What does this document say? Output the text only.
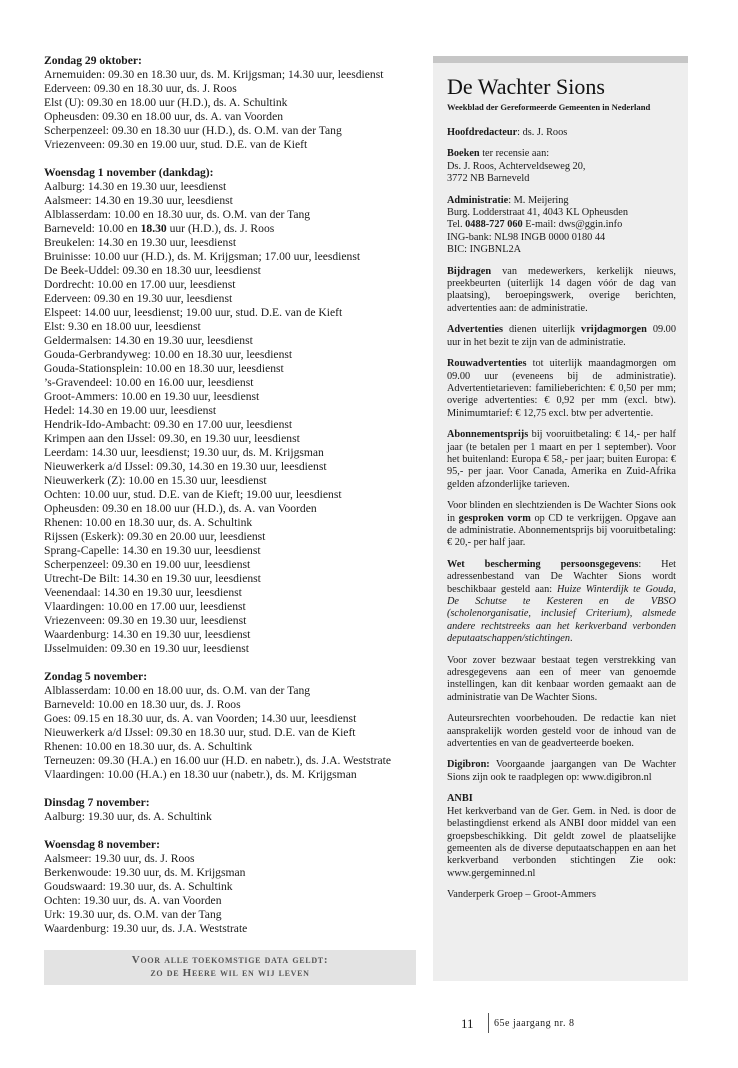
Zondag 29 oktober:
Arnemuiden: 09.30 en 18.30 uur, ds. M. Krijgsman; 14.30 uur, leesdienst
Ederveen: 09.30 en 18.30 uur, ds. J. Roos
Elst (U): 09.30 en 18.00 uur (H.D.), ds. A. Schultink
Opheusden: 09.30 en 18.00 uur, ds. A. van Voorden
Scherpenzeel: 09.30 en 18.30 uur (H.D.), ds. O.M. van der Tang
Vriezenveen: 09.30 en 19.00 uur, stud. D.E. van de Kieft
Woensdag 1 november (dankdag):
Aalburg: 14.30 en 19.30 uur, leesdienst
Aalsmeer: 14.30 en 19.30 uur, leesdienst
Alblasserdam: 10.00 en 18.30 uur, ds. O.M. van der Tang
Barneveld: 10.00 en 18.30 uur (H.D.), ds. J. Roos
Breukelen: 14.30 en 19.30 uur, leesdienst
Bruinisse: 10.00 uur (H.D.), ds. M. Krijgsman; 17.00 uur, leesdienst
De Beek-Uddel: 09.30 en 18.30 uur, leesdienst
Dordrecht: 10.00 en 17.00 uur, leesdienst
Ederveen: 09.30 en 19.30 uur, leesdienst
Elspeet: 14.00 uur, leesdienst; 19.00 uur, stud. D.E. van de Kieft
Elst: 9.30 en 18.00 uur, leesdienst
Geldermalsen: 14.30 en 19.30 uur, leesdienst
Gouda-Gerbrandyweg: 10.00 en 18.30 uur, leesdienst
Gouda-Stationsplein: 10.00 en 18.30 uur, leesdienst
’s-Gravendeel: 10.00 en 16.00 uur, leesdienst
Groot-Ammers: 10.00 en 19.30 uur, leesdienst
Hedel: 14.30 en 19.00 uur, leesdienst
Hendrik-Ido-Ambacht: 09.30 en 17.00 uur, leesdienst
Krimpen aan den IJssel: 09.30, en 19.30 uur, leesdienst
Leerdam: 14.30 uur, leesdienst; 19.30 uur, ds. M. Krijgsman
Nieuwerkerk a/d IJssel: 09.30, 14.30 en 19.30 uur, leesdienst
Nieuwerkerk (Z): 10.00 en 15.30 uur, leesdienst
Ochten: 10.00 uur, stud. D.E. van de Kieft; 19.00 uur, leesdienst
Opheusden: 09.30 en 18.00 uur (H.D.), ds. A. van Voorden
Rhenen: 10.00 en 18.30 uur, ds. A. Schultink
Rijssen (Eskerk): 09.30 en 20.00 uur, leesdienst
Sprang-Capelle: 14.30 en 19.30 uur, leesdienst
Scherpenzeel: 09.30 en 19.00 uur, leesdienst
Utrecht-De Bilt: 14.30 en 19.30 uur, leesdienst
Veenendaal: 14.30 en 19.30 uur, leesdienst
Vlaardingen: 10.00 en 17.00 uur, leesdienst
Vriezenveen: 09.30 en 19.30 uur, leesdienst
Waardenburg: 14.30 en 19.30 uur, leesdienst
IJsselmuiden: 09.30 en 19.30 uur, leesdienst
Zondag 5 november:
Alblasserdam: 10.00 en 18.00 uur, ds. O.M. van der Tang
Barneveld: 10.00 en 18.30 uur, ds. J. Roos
Goes: 09.15 en 18.30 uur, ds. A. van Voorden; 14.30 uur, leesdienst
Nieuwerkerk a/d IJssel: 09.30 en 18.30 uur, stud. D.E. van de Kieft
Rhenen: 10.00 en 18.30 uur, ds. A. Schultink
Terneuzen: 09.30 (H.A.) en 16.00 uur (H.D. en nabetr.), ds. J.A. Weststrate
Vlaardingen: 10.00 (H.A.) en 18.30 uur (nabetr.), ds. M. Krijgsman
Dinsdag 7 november:
Aalburg: 19.30 uur, ds. A. Schultink
Woensdag 8 november:
Aalsmeer: 19.30 uur, ds. J. Roos
Berkenwoude: 19.30 uur, ds. M. Krijgsman
Goudswaard: 19.30 uur, ds. A. Schultink
Ochten: 19.30 uur, ds. A. van Voorden
Urk: 19.30 uur, ds. O.M. van der Tang
Waardenburg: 19.30 uur, ds. J.A. Weststrate
Voor alle toekomstige data geldt:
zo de Heere wil en wij leven
De Wachter Sions
Weekblad der Gereformeerde Gemeenten in Nederland
Hoofdredacteur: ds. J. Roos
Boeken ter recensie aan:
Ds. J. Roos, Achterveldseweg 20,
3772 NB Barneveld
Administratie: M. Meijering
Burg. Lodderstraat 41, 4043 KL Opheusden
Tel. 0488-727 060 E-mail: dws@ggin.info
ING-bank: NL98 INGB 0000 0180 44
BIC: INGBNL2A
Bijdragen van medewerkers, kerkelijk nieuws, preekbeurten (uiterlijk 14 dagen vóór de dag van plaatsing), beroepingswerk, overige berichten, advertenties aan: de administratie.
Advertenties dienen uiterlijk vrijdagmorgen 09.00 uur in het bezit te zijn van de administratie.
Rouwadvertenties tot uiterlijk maandagmorgen om 09.00 uur (eveneens bij de administratie). Advertentietarieven: familieberichten: € 0,50 per mm; overige advertenties: € 0,92 per mm (excl. btw). Minimumtarief: € 12,75 excl. btw per advertentie.
Abonnementsprijs bij vooruitbetaling: € 14,- per half jaar (te betalen per 1 maart en per 1 september). Voor het buitenland: Europa € 58,- per jaar; buiten Europa: € 95,- per jaar. Voor Canada, Amerika en Zuid-Afrika gelden afzonderlijke tarieven.
Voor blinden en slechtzienden is De Wachter Sions ook in gesproken vorm op CD te verkrijgen. Opgave aan de administratie. Abonnementsprijs bij vooruitbetaling: € 20,- per half jaar.
Wet bescherming persoonsgegevens: Het adressenbestand van De Wachter Sions wordt beschikbaar gesteld aan: Huize Winterdijk te Gouda, De Schutse te Kesteren en de VBSO (scholenorganisatie, inclusief Criterium), alsmede andere rechtstreeks aan het kerkverband verbonden deputaatschappen/stichtingen.
Voor zover bezwaar bestaat tegen verstrekking van adresgegevens aan een of meer van genoemde instellingen, kan dit kenbaar worden gemaakt aan de administratie van De Wachter Sions.
Auteursrechten voorbehouden. De redactie kan niet aansprakelijk worden gesteld voor de inhoud van de advertenties en van de geadverteerde boeken.
Digibron: Voorgaande jaargangen van De Wachter Sions zijn ook te raadplegen op: www.digibron.nl
ANBI
Het kerkverband van de Ger. Gem. in Ned. is door de belastingdienst erkend als ANBI door middel van een groepsbeschikking. Dit geldt zowel de plaatselijke gemeenten als de diverse deputaatschappen en aan het kerkverband verbonden stichtingen Zie ook: www.gergeminned.nl
Vanderperk Groep – Groot-Ammers
11 65e jaargang nr. 8
